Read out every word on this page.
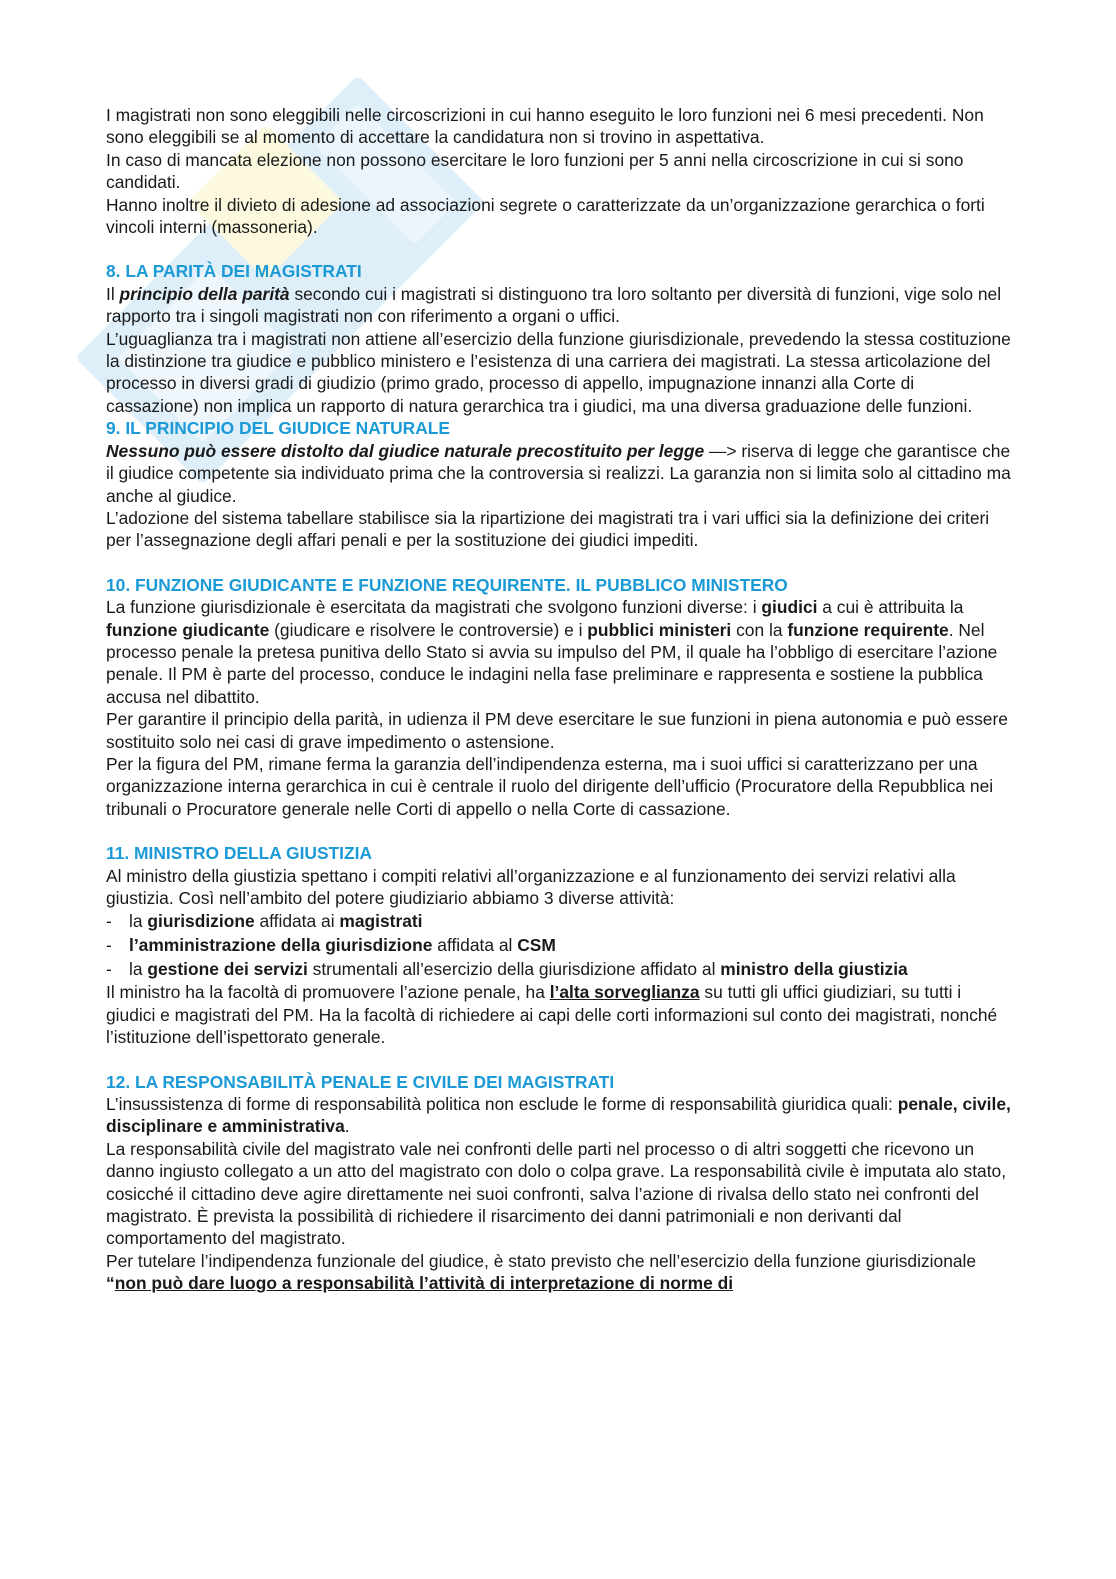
I magistrati non sono eleggibili nelle circoscrizioni in cui hanno eseguito le loro funzioni nei 6 mesi precedenti. Non sono eleggibili se al momento di accettare la candidatura non si trovino in aspettativa.

In caso di mancata elezione non possono esercitare le loro funzioni per 5 anni nella circoscrizione in cui si sono candidati.

Hanno inoltre il divieto di adesione ad associazioni segrete o caratterizzate da un’organizzazione gerarchica o forti vincoli interni (massoneria).

8. LA PARITÀ DEI MAGISTRATI

Il principio della parità secondo cui i magistrati si distinguono tra loro soltanto per diversità di funzioni, vige solo nel rapporto tra i singoli magistrati non con riferimento a organi o uffici.

L’uguaglianza tra i magistrati non attiene all’esercizio della funzione giurisdizionale, prevedendo la stessa costituzione la distinzione tra giudice e pubblico ministero e l’esistenza di una carriera dei magistrati. La stessa articolazione del processo in diversi gradi di giudizio (primo grado, processo di appello, impugnazione innanzi alla Corte di cassazione) non implica un rapporto di natura gerarchica tra i giudici, ma una diversa graduazione delle funzioni.

9. IL PRINCIPIO DEL GIUDICE NATURALE

Nessuno può essere distolto dal giudice naturale precostituito per legge —> riserva di legge che garantisce che il giudice competente sia individuato prima che la controversia si realizzi. La garanzia non si limita solo al cittadino ma anche al giudice.

L’adozione del sistema tabellare stabilisce sia la ripartizione dei magistrati tra i vari uffici sia la definizione dei criteri per l’assegnazione degli affari penali e per la sostituzione dei giudici impediti.

10. FUNZIONE GIUDICANTE E FUNZIONE REQUIRENTE. IL PUBBLICO MINISTERO

La funzione giurisdizionale è esercitata da magistrati che svolgono funzioni diverse: i giudici a cui è attribuita la funzione giudicante (giudicare e risolvere le controversie) e i pubblici ministeri con la funzione requirente. Nel processo penale la pretesa punitiva dello Stato si avvia su impulso del PM, il quale ha l’obbligo di esercitare l’azione penale. Il PM è parte del processo, conduce le indagini nella fase preliminare e rappresenta e sostiene la pubblica accusa nel dibattito.

Per garantire il principio della parità, in udienza il PM deve esercitare le sue funzioni in piena autonomia e può essere sostituito solo nei casi di grave impedimento o astensione.

Per la figura del PM, rimane ferma la garanzia dell’indipendenza esterna, ma i suoi uffici si caratterizzano per una organizzazione interna gerarchica in cui è centrale il ruolo del dirigente dell’ufficio (Procuratore della Repubblica nei tribunali o Procuratore generale nelle Corti di appello o nella Corte di cassazione.

11. MINISTRO DELLA GIUSTIZIA

Al ministro della giustizia spettano i compiti relativi all’organizzazione e al funzionamento dei servizi relativi alla giustizia. Così nell’ambito del potere giudiziario abbiamo 3 diverse attività:

- la giurisdizione affidata ai magistrati
- l’amministrazione della giurisdizione affidata al CSM
- la gestione dei servizi strumentali all’esercizio della giurisdizione affidato al ministro della giustizia

Il ministro ha la facoltà di promuovere l’azione penale, ha l’alta sorveglianza su tutti gli uffici giudiziari, su tutti i giudici e magistrati del PM. Ha la facoltà di richiedere ai capi delle corti informazioni sul conto dei magistrati, nonché l’istituzione dell’ispettorato generale.

12. LA RESPONSABILITÀ PENALE E CIVILE DEI MAGISTRATI

L’insussistenza di forme di responsabilità politica non esclude le forme di responsabilità giuridica quali: penale, civile, disciplinare e amministrativa.

La responsabilità civile del magistrato vale nei confronti delle parti nel processo o di altri soggetti che ricevono un danno ingiusto collegato a un atto del magistrato con dolo o colpa grave. La responsabilità civile è imputata alo stato, cosicché il cittadino deve agire direttamente nei suoi confronti, salva l’azione di rivalsa dello stato nei confronti del magistrato. È prevista la possibilità di richiedere il risarcimento dei danni patrimoniali e non derivanti dal comportamento del magistrato.

Per tutelare l’indipendenza funzionale del giudice, è stato previsto che nell’esercizio della funzione giurisdizionale “non può dare luogo a responsabilità l’attività di interpretazione di norme di
